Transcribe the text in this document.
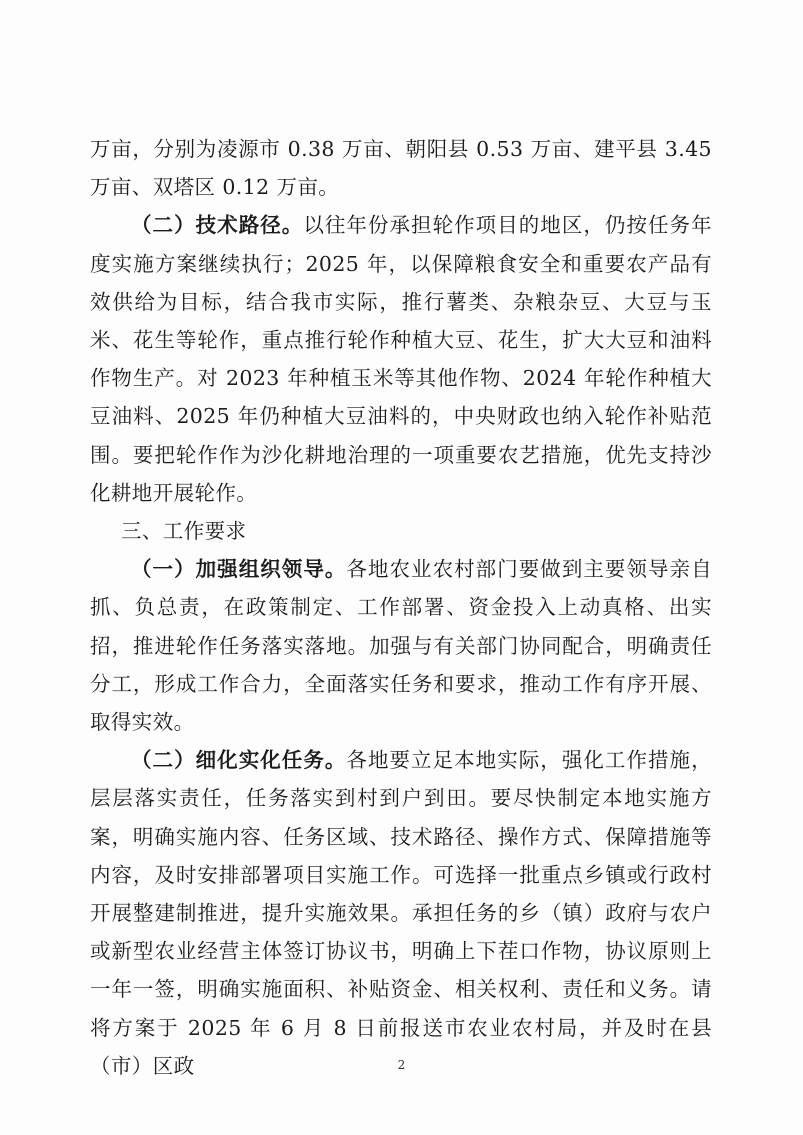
万亩，分别为凌源市 0.38 万亩、朝阳县 0.53 万亩、建平县 3.45 万亩、双塔区 0.12 万亩。

（二）技术路径。以往年份承担轮作项目的地区，仍按任务年度实施方案继续执行；2025 年，以保障粮食安全和重要农产品有效供给为目标，结合我市实际，推行薯类、杂粮杂豆、大豆与玉米、花生等轮作，重点推行轮作种植大豆、花生，扩大大豆和油料作物生产。对 2023 年种植玉米等其他作物、2024 年轮作种植大豆油料、2025 年仍种植大豆油料的，中央财政也纳入轮作补贴范围。要把轮作作为沙化耕地治理的一项重要农艺措施，优先支持沙化耕地开展轮作。

三、工作要求

（一）加强组织领导。各地农业农村部门要做到主要领导亲自抓、负总责，在政策制定、工作部署、资金投入上动真格、出实招，推进轮作任务落实落地。加强与有关部门协同配合，明确责任分工，形成工作合力，全面落实任务和要求，推动工作有序开展、取得实效。

（二）细化实化任务。各地要立足本地实际，强化工作措施，层层落实责任，任务落实到村到户到田。要尽快制定本地实施方案，明确实施内容、任务区域、技术路径、操作方式、保障措施等内容，及时安排部署项目实施工作。可选择一批重点乡镇或行政村开展整建制推进，提升实施效果。承担任务的乡（镇）政府与农户或新型农业经营主体签订协议书，明确上下茬口作物，协议原则上一年一签，明确实施面积、补贴资金、相关权利、责任和义务。请将方案于 2025 年 6 月 8 日前报送市农业农村局，并及时在县（市）区政	2
